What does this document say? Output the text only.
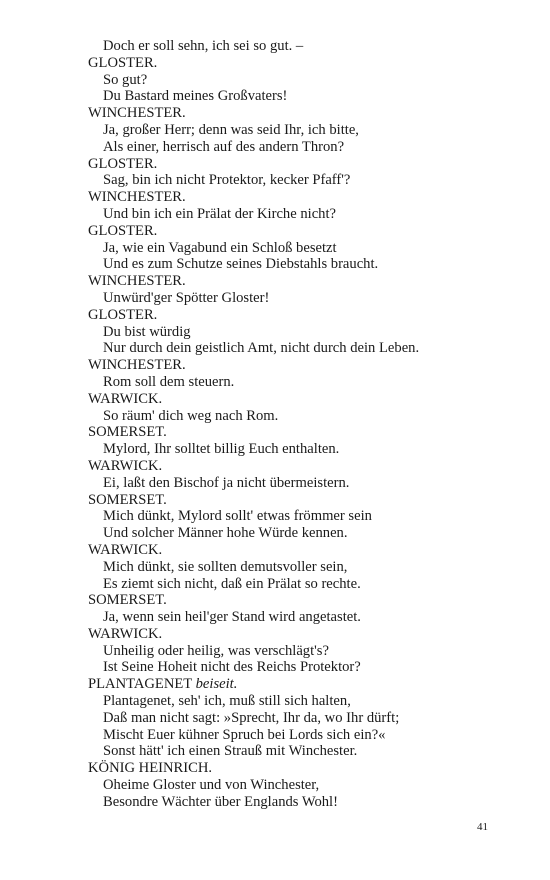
Doch er soll sehn, ich sei so gut. –
GLOSTER.
So gut?
Du Bastard meines Großvaters!
WINCHESTER.
Ja, großer Herr; denn was seid Ihr, ich bitte,
Als einer, herrisch auf des andern Thron?
GLOSTER.
Sag, bin ich nicht Protektor, kecker Pfaff'?
WINCHESTER.
Und bin ich ein Prälat der Kirche nicht?
GLOSTER.
Ja, wie ein Vagabund ein Schloß besetzt
Und es zum Schutze seines Diebstahls braucht.
WINCHESTER.
Unwürd'ger Spötter Gloster!
GLOSTER.
Du bist würdig
Nur durch dein geistlich Amt, nicht durch dein Leben.
WINCHESTER.
Rom soll dem steuern.
WARWICK.
So räum' dich weg nach Rom.
SOMERSET.
Mylord, Ihr solltet billig Euch enthalten.
WARWICK.
Ei, laßt den Bischof ja nicht übermeistern.
SOMERSET.
Mich dünkt, Mylord sollt' etwas frömmer sein
Und solcher Männer hohe Würde kennen.
WARWICK.
Mich dünkt, sie sollten demutsvoller sein,
Es ziemt sich nicht, daß ein Prälat so rechte.
SOMERSET.
Ja, wenn sein heil'ger Stand wird angetastet.
WARWICK.
Unheilig oder heilig, was verschlägt's?
Ist Seine Hoheit nicht des Reichs Protektor?
PLANTAGENET beiseit.
Plantagenet, seh' ich, muß still sich halten,
Daß man nicht sagt: »Sprecht, Ihr da, wo Ihr dürft;
Mischt Euer kühner Spruch bei Lords sich ein?«
Sonst hätt' ich einen Strauß mit Winchester.
KÖNIG HEINRICH.
Oheime Gloster und von Winchester,
Besondre Wächter über Englands Wohl!
41
